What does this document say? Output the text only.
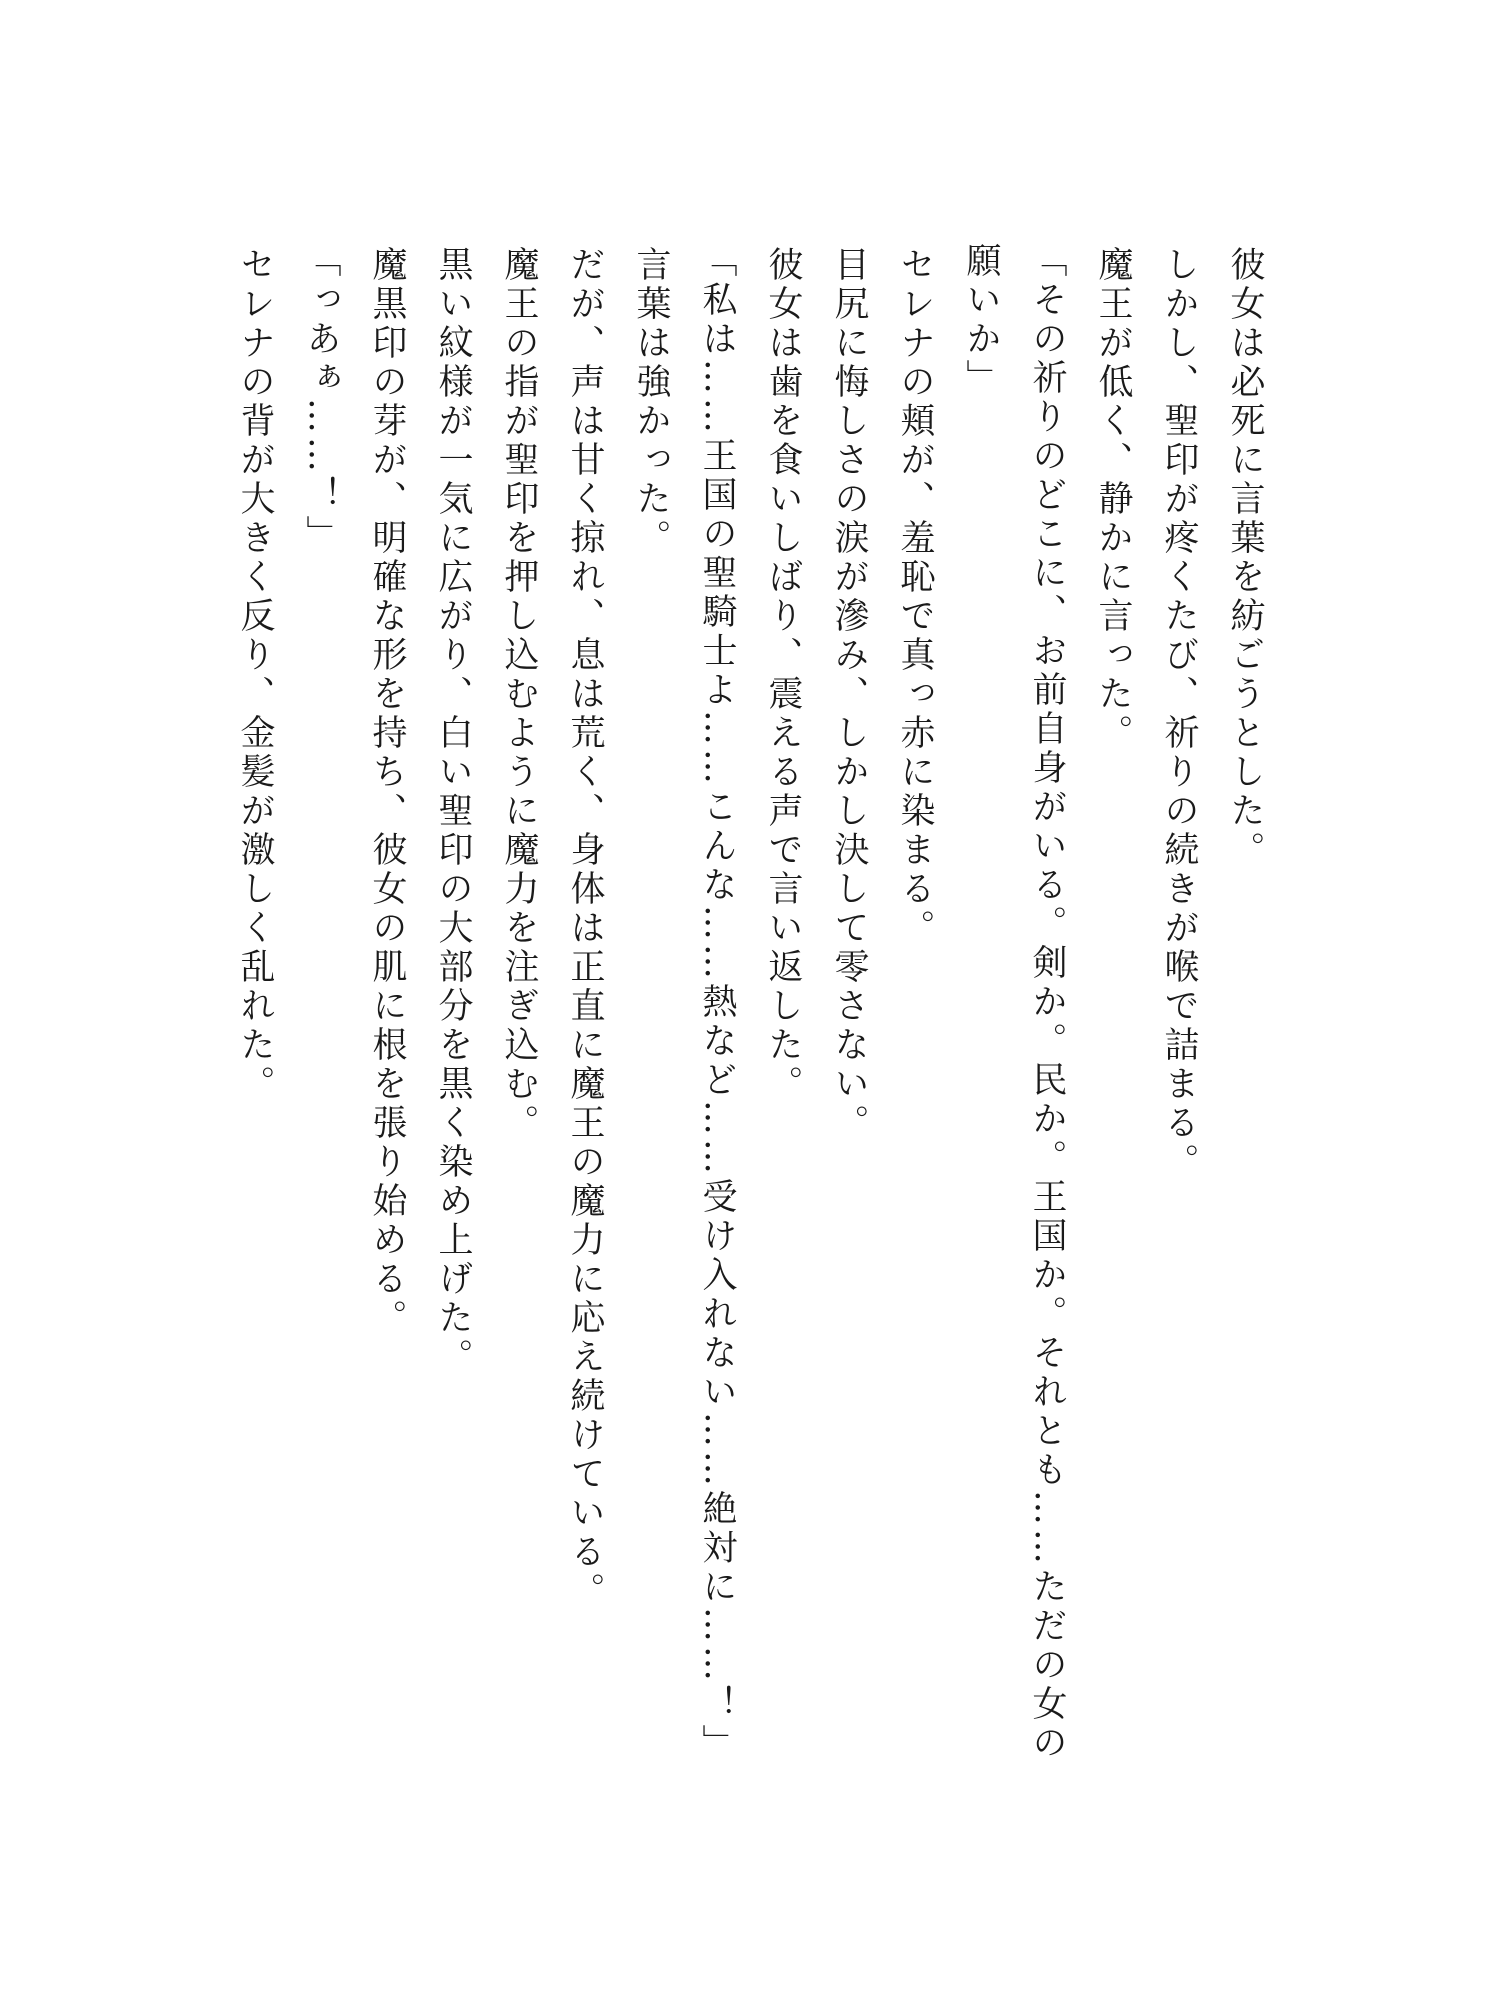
彼女は必死に言葉を紡ごうとした。

しかし、聖印が疼くたび、祈りの続きが喉で詰まる。

魔王が低く、静かに言った。

「その祈りのどこに、お前自身がいる。剣か。民か。王国か。それとも……ただの女の願いか」

セレナの頬が、羞恥で真っ赤に染まる。

目尻に悔しさの涙が滲み、しかし決して零さない。

彼女は歯を食いしばり、震える声で言い返した。

「私は……王国の聖騎士よ……こんな……熱など……受け入れない……絶対に……！」

言葉は強かった。

だが、声は甘く掠れ、息は荒く、身体は正直に魔王の魔力に応え続けている。

魔王の指が聖印を押し込むように魔力を注ぎ込む。

黒い紋様が一気に広がり、白い聖印の大部分を黒く染め上げた。

魔黒印の芽が、明確な形を持ち、彼女の肌に根を張り始める。

「っあぁ……！」

セレナの背が大きく反り、金髪が激しく乱れた。
